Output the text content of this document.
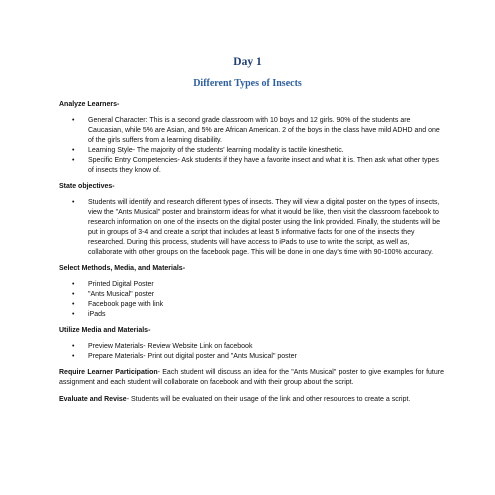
Day 1
Different Types of Insects
Analyze Learners-
• General Character: This is a second grade classroom with 10 boys and 12 girls. 90% of the students are Caucasian, while 5% are Asian, and 5% are African American. 2 of the boys in the class have mild ADHD and one of the girls suffers from a learning disability.
• Learning Style- The majority of the students' learning modality is tactile kinesthetic.
• Specific Entry Competencies- Ask students if they have a favorite insect and what it is. Then ask what other types of insects they know of.
State objectives-
• Students will identify and research different types of insects. They will view a digital poster on the types of insects, view the "Ants Musical" poster and brainstorm ideas for what it would be like, then visit the classroom facebook to research information on one of the insects on the digital poster using the link provided. Finally, the students will be put in groups of 3-4 and create a script that includes at least 5 informative facts for one of the insects they researched. During this process, students will have access to iPads to use to write the script, as well as, collaborate with other groups on the facebook page. This will be done in one day's time with 90-100% accuracy.
Select Methods, Media, and Materials-
• Printed Digital Poster
• "Ants Musical" poster
• Facebook page with link
• iPads
Utilize Media and Materials-
• Preview Materials- Review Website Link on facebook
• Prepare Materials- Print out digital poster and "Ants Musical" poster

Require Learner Participation- Each student will discuss an idea for the "Ants Musical" poster to give examples for future assignment and each student will collaborate on facebook and with their group about the script.

Evaluate and Revise- Students will be evaluated on their usage of the link and other resources to create a script.
